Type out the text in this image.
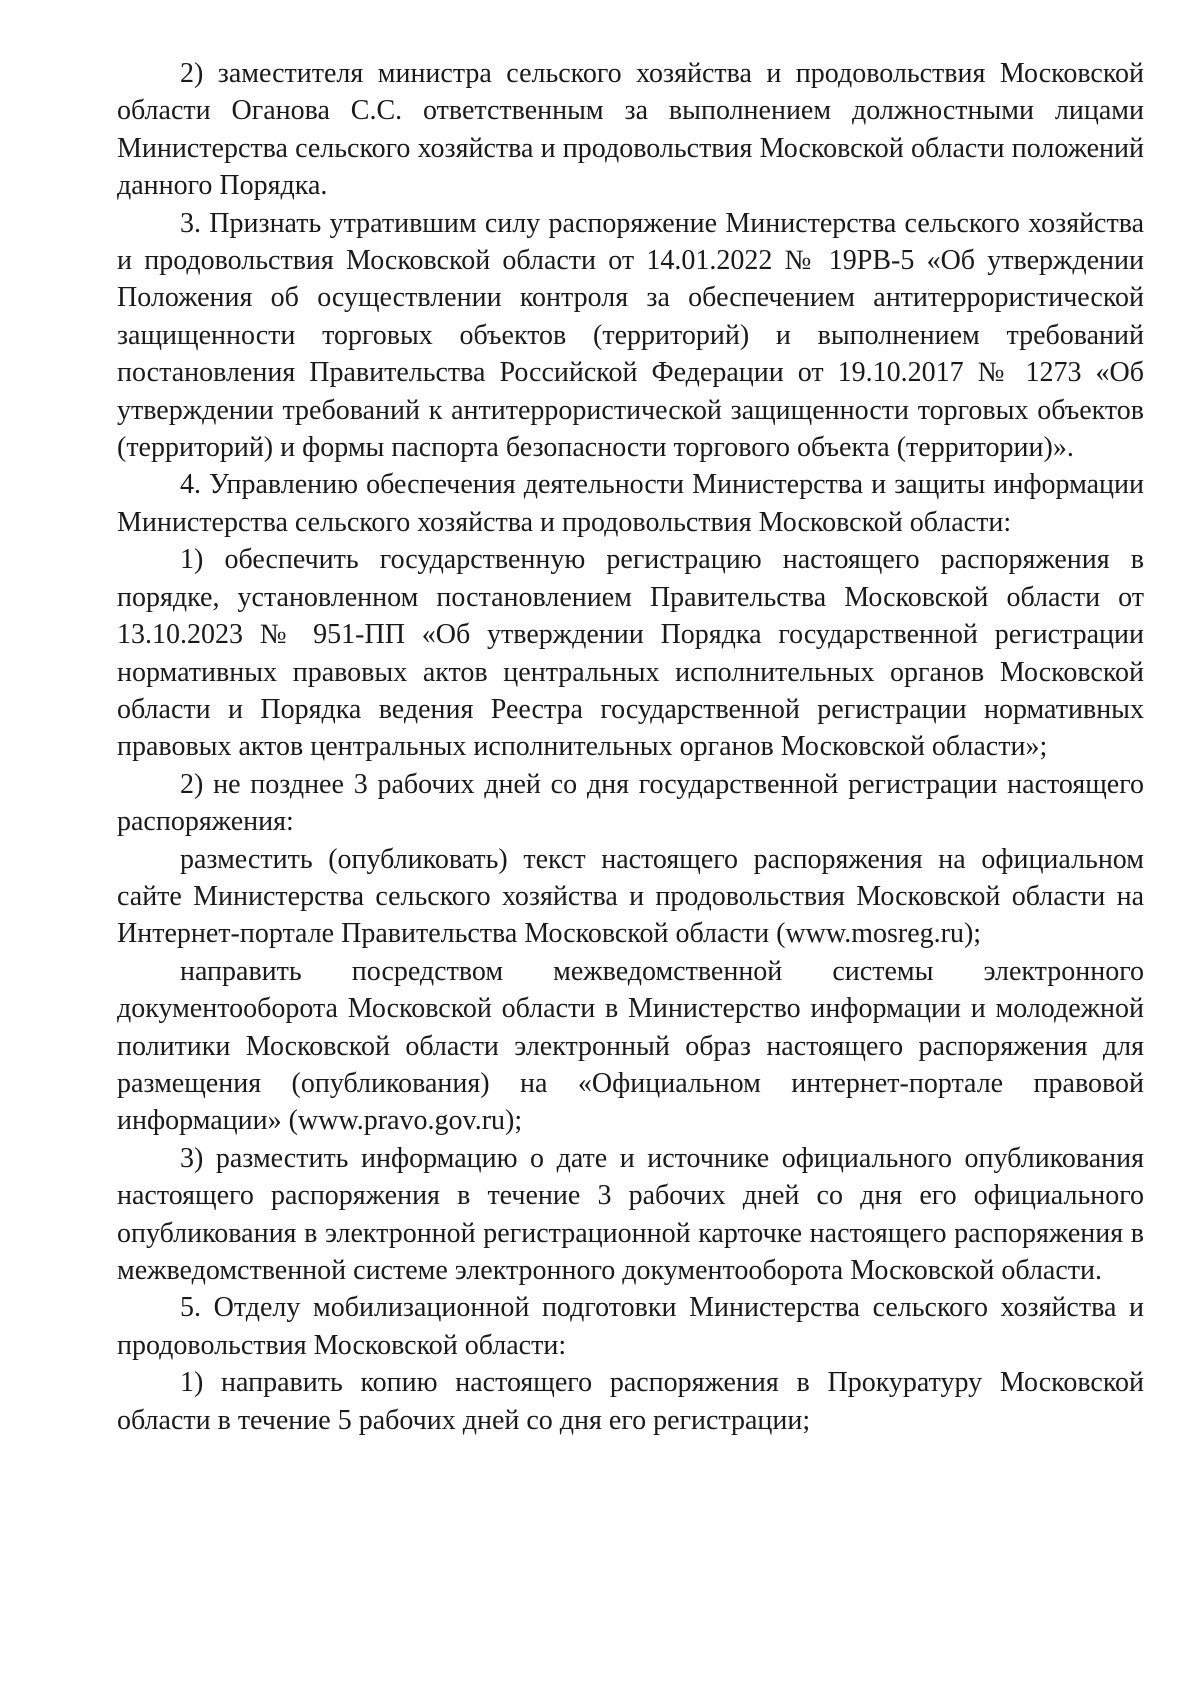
2) заместителя министра сельского хозяйства и продовольствия Московской области Оганова С.С. ответственным за выполнением должностными лицами Министерства сельского хозяйства и продовольствия Московской области положений данного Порядка.

3. Признать утратившим силу распоряжение Министерства сельского хозяйства и продовольствия Московской области от 14.01.2022 № 19РВ-5 «Об утверждении Положения об осуществлении контроля за обеспечением антитеррористической защищенности торговых объектов (территорий) и выполнением требований постановления Правительства Российской Федерации от 19.10.2017 № 1273 «Об утверждении требований к антитеррористической защищенности торговых объектов (территорий) и формы паспорта безопасности торгового объекта (территории)».

4. Управлению обеспечения деятельности Министерства и защиты информации Министерства сельского хозяйства и продовольствия Московской области:

1) обеспечить государственную регистрацию настоящего распоряжения в порядке, установленном постановлением Правительства Московской области от 13.10.2023 № 951-ПП «Об утверждении Порядка государственной регистрации нормативных правовых актов центральных исполнительных органов Московской области и Порядка ведения Реестра государственной регистрации нормативных правовых актов центральных исполнительных органов Московской области»;

2) не позднее 3 рабочих дней со дня государственной регистрации настоящего распоряжения:

разместить (опубликовать) текст настоящего распоряжения на официальном сайте Министерства сельского хозяйства и продовольствия Московской области на Интернет-портале Правительства Московской области (www.mosreg.ru);

направить посредством межведомственной системы электронного документооборота Московской области в Министерство информации и молодежной политики Московской области электронный образ настоящего распоряжения для размещения (опубликования) на «Официальном интернет-портале правовой информации» (www.pravo.gov.ru);

3) разместить информацию о дате и источнике официального опубликования настоящего распоряжения в течение 3 рабочих дней со дня его официального опубликования в электронной регистрационной карточке настоящего распоряжения в межведомственной системе электронного документооборота Московской области.

5. Отделу мобилизационной подготовки Министерства сельского хозяйства и продовольствия Московской области:

1) направить копию настоящего распоряжения в Прокуратуру Московской области в течение 5 рабочих дней со дня его регистрации;
